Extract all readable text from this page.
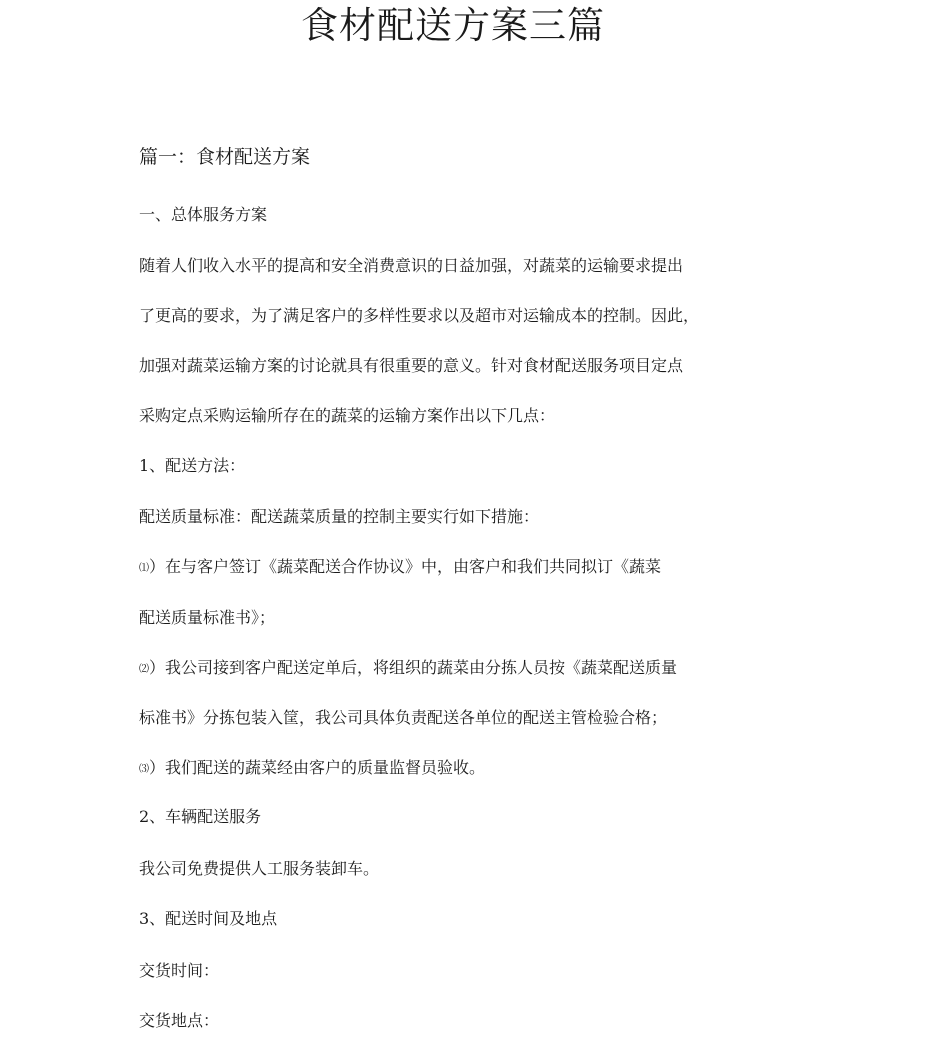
食材配送方案三篇
篇一：食材配送方案

一、总体服务方案

随着人们收入水平的提高和安全消费意识的日益加强，对蔬菜的运输要求提出

了更高的要求，为了满足客户的多样性要求以及超市对运输成本的控制。因此，

加强对蔬菜运输方案的讨论就具有很重要的意义。针对食材配送服务项目定点

采购定点采购运输所存在的蔬菜的运输方案作出以下几点：

1、配送方法：

配送质量标准：配送蔬菜质量的控制主要实行如下措施：

⑴）在与客户签订《蔬菜配送合作协议》中，由客户和我们共同拟订《蔬菜

配送质量标准书》；

⑵）我公司接到客户配送定单后，将组织的蔬菜由分拣人员按《蔬菜配送质量

标准书》分拣包装入筐，我公司具体负责配送各单位的配送主管检验合格；

⑶）我们配送的蔬菜经由客户的质量监督员验收。

2、车辆配送服务

我公司免费提供人工服务装卸车。

3、配送时间及地点

交货时间：

交货地点：
